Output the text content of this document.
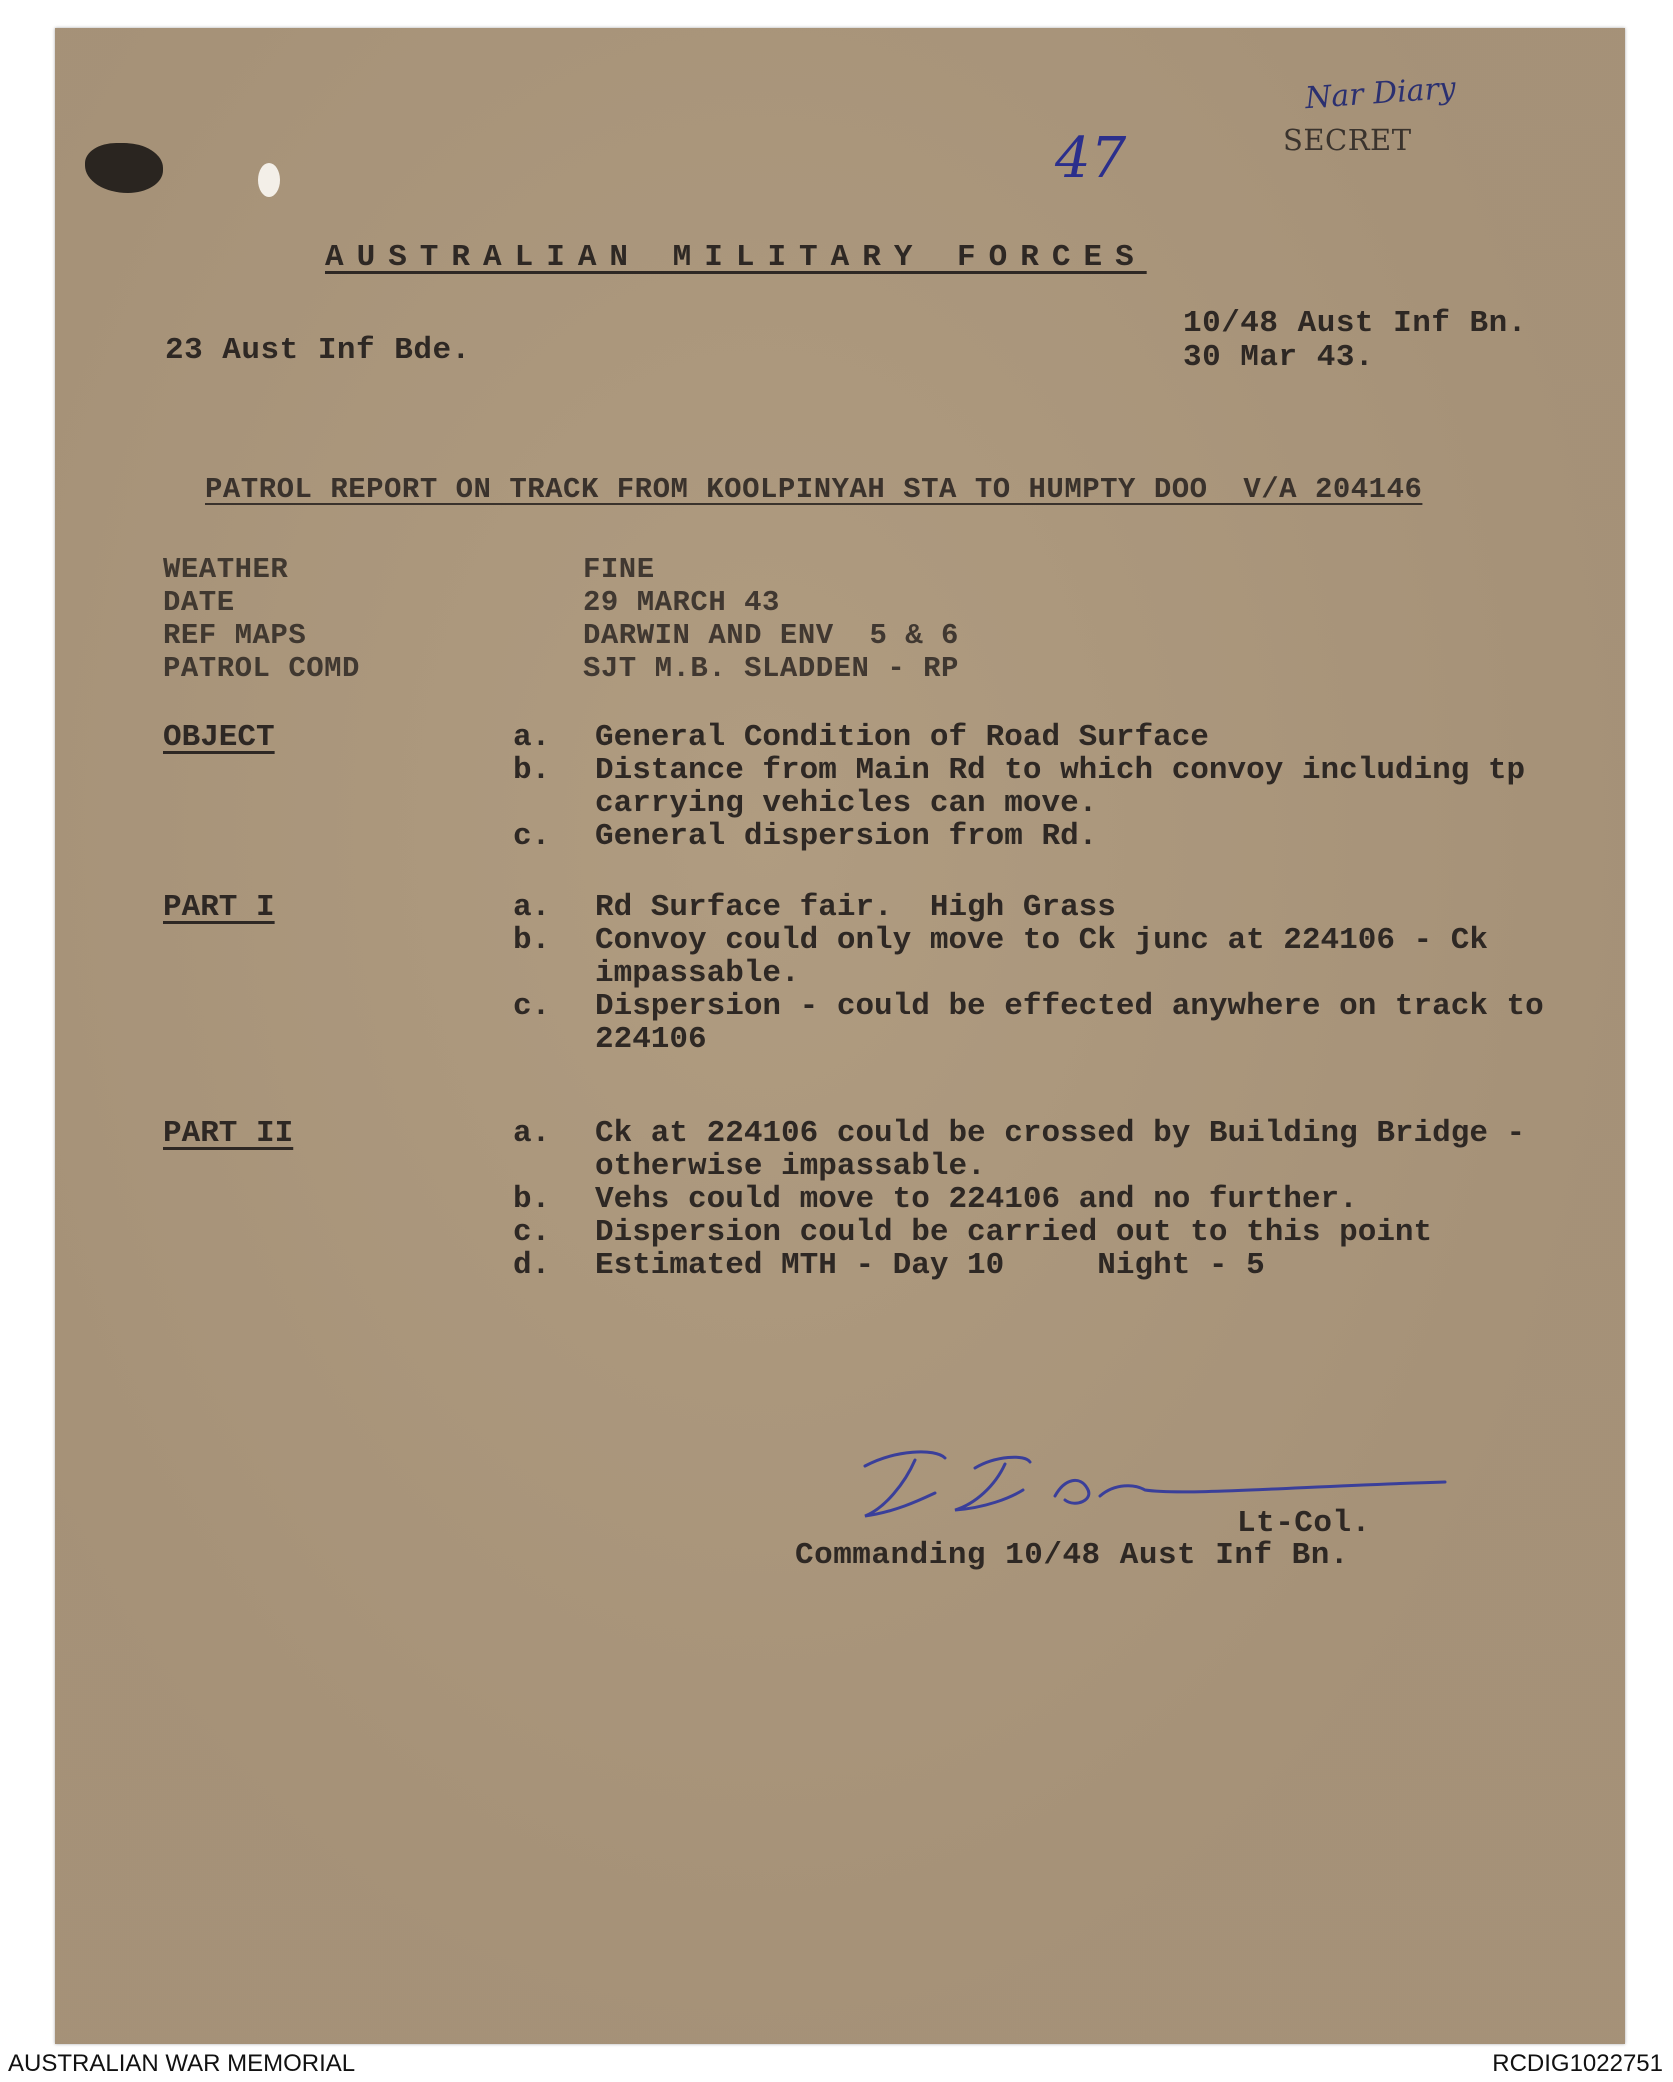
47
Nar Diary
SECRET
AUSTRALIAN MILITARY FORCES
23 Aust Inf Bde.
10/48 Aust Inf Bn.
30 Mar 43.
PATROL REPORT ON TRACK FROM KOOLPINYAH STA TO HUMPTY DOO  V/A 204146
WEATHER	FINE
DATE	29 MARCH 43
REF MAPS	DARWIN AND ENV  5 & 6
PATROL COMD	SJT M.B. SLADDEN - RP
OBJECT	a.	General Condition of Road Surface
b.	Distance from Main Rd to which convoy including tp
carrying vehicles can move.
c.	General dispersion from Rd.
PART I	a.	Rd Surface fair.  High Grass
b.	Convoy could only move to Ck junc at 224106 - Ck
impassable.
c.	Dispersion - could be effected anywhere on track to
224106
PART II	a.	Ck at 224106 could be crossed by Building Bridge -
otherwise impassable.
b.	Vehs could move to 224106 and no further.
c.	Dispersion could be carried out to this point
d.	Estimated MTH - Day 10     Night - 5
Lt-Col.
Commanding 10/48 Aust Inf Bn.
AUSTRALIAN WAR MEMORIAL	RCDIG1022751
